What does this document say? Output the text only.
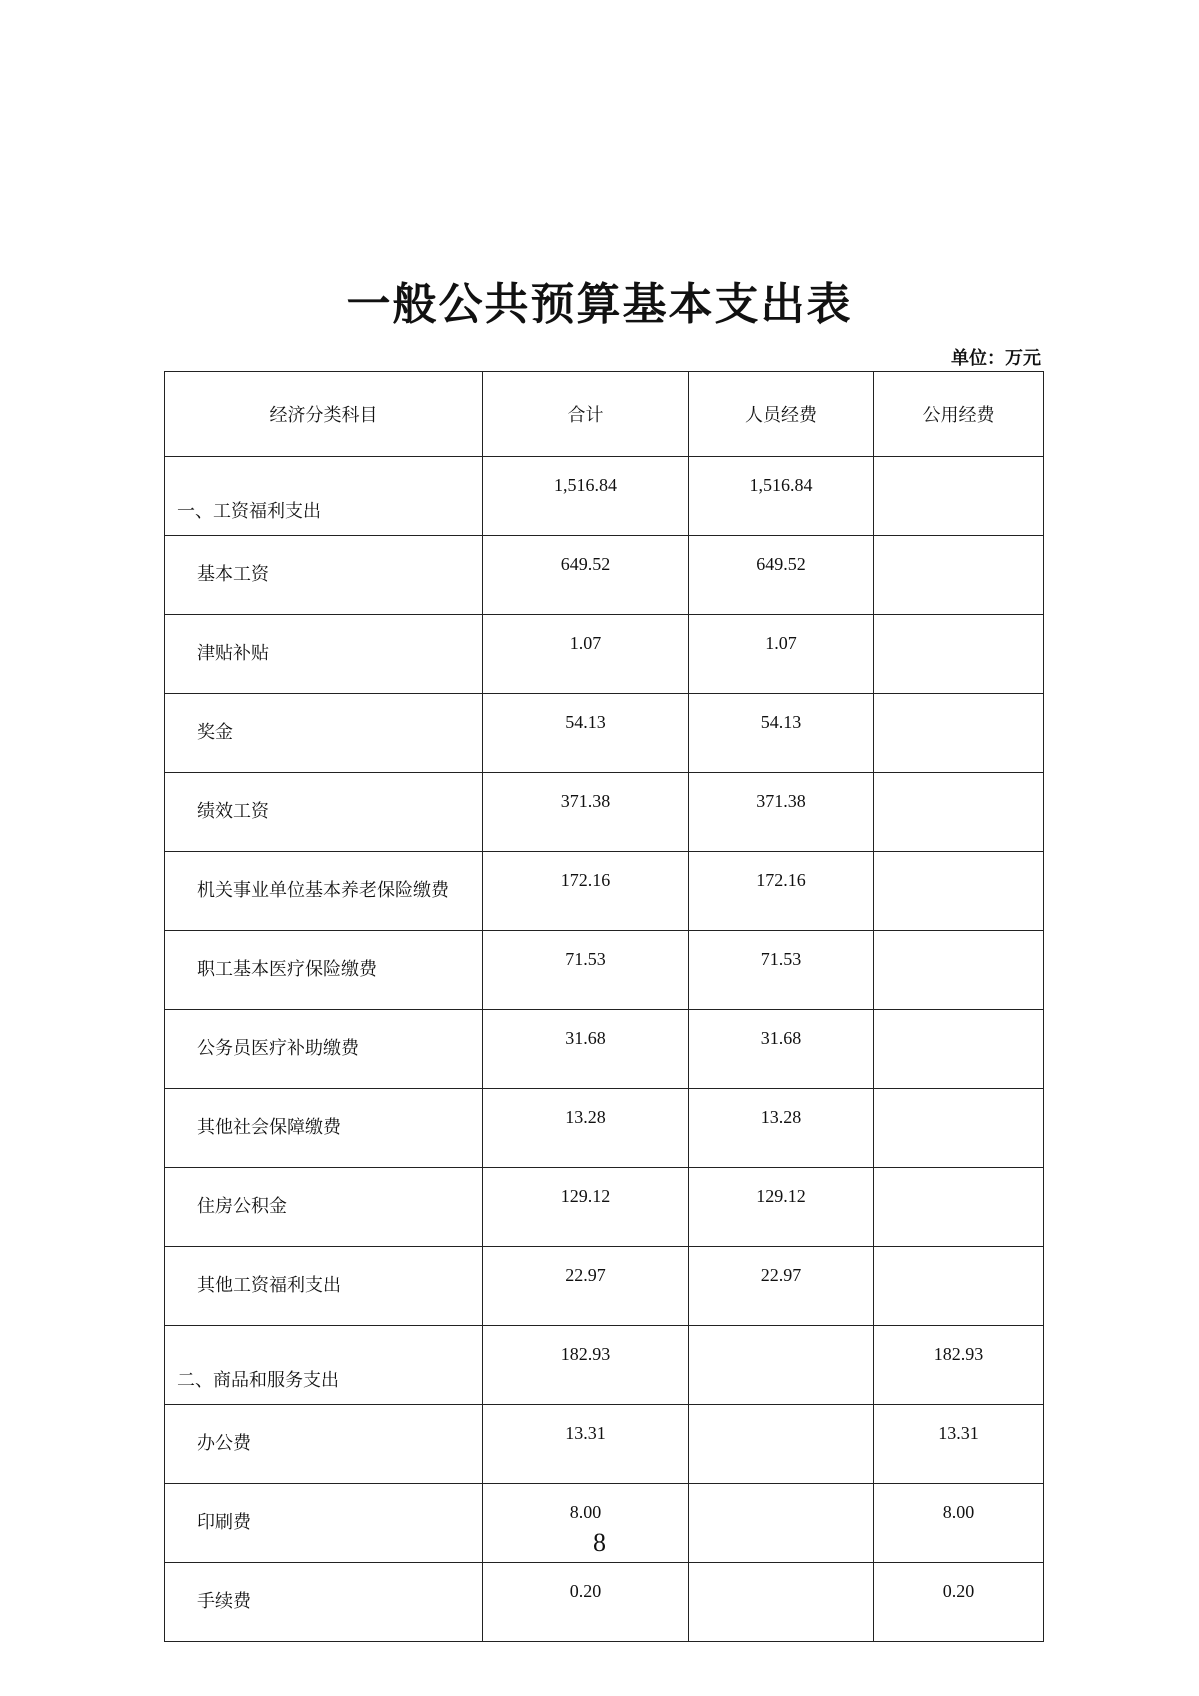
一般公共预算基本支出表
单位：万元
经济分类科目	合计	人员经费	公用经费
一、工资福利支出	1,516.84	1,516.84	
基本工资	649.52	649.52	
津贴补贴	1.07	1.07	
奖金	54.13	54.13	
绩效工资	371.38	371.38	
机关事业单位基本养老保险缴费	172.16	172.16	
职工基本医疗保险缴费	71.53	71.53	
公务员医疗补助缴费	31.68	31.68	
其他社会保障缴费	13.28	13.28	
住房公积金	129.12	129.12	
其他工资福利支出	22.97	22.97	
二、商品和服务支出	182.93		182.93
办公费	13.31		13.31
印刷费	8.00		8.00
手续费	0.20		0.20
8
